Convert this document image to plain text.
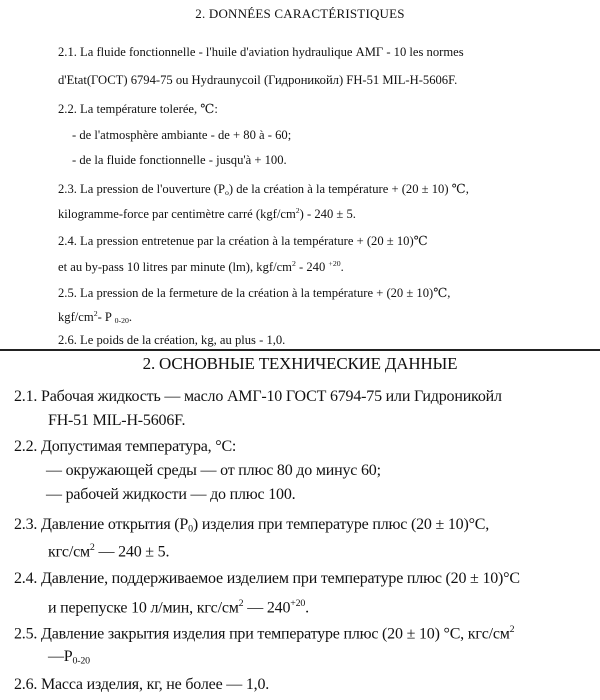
2. DONNÉES CARACTÉRISTIQUES
2.1. La fluide fonctionnelle - l'huile d'aviation hydraulique АМГ - 10 les normes
d'Etat(ГОСТ) 6794-75 ou Hydraunycoil (Гидроникойл) FH-51 MIL-H-5606F.
2.2. La température tolerée, ℃:
- de l'atmosphère ambiante - de + 80 à - 60;
- de la fluide fonctionnelle - jusqu'à + 100.
2.3. La pression de l'ouverture $(P_o)$ de la création à la température + (20 ± 10) ℃,
kilogramme-force par centimètre carré $(kgf/cm^2) - 240 \pm 5$.
2.4. La pression entretenue par la création à la température + (20 ± 10)℃
et au by-pass 10 litres par minute (lm), kgf/$cm^2 - 240$ $^{+20}$.
2.5. La pression de la fermeture de la création à la température + (20 ± 10)℃,
kgf/$cm^2-$ P $_{0-20}$.
2.6. Le poids de la création, kg, au plus - 1,0.
2. ОСНОВНЫЕ ТЕХНИЧЕСКИЕ ДАННЫЕ
2.1. Рабочая жидкость — масло АМГ-10 ГОСТ 6794-75 или Гидроникойл
FH-51 MIL-H-5606F.
2.2. Допустимая температура, °С:
— окружающей среды — от плюс 80 до минус 60;
— рабочей жидкости — до плюс 100.
2.3. Давление открытия $(P_0)$ изделия при температуре плюс (20 ± 10)°С,
кгс/$см^2$ — 240 ± 5.
2.4. Давление, поддерживаемое изделием при температуре плюс (20 ± 10)°С
и перепуске 10 л/мин, кгс/$см^2$ — $240^{+20}$.
2.5. Давление закрытия изделия при температуре плюс (20 ± 10) °С, кгс/$см^2$
$—P_{0-20}$
2.6. Масса изделия, кг, не более — 1,0.
